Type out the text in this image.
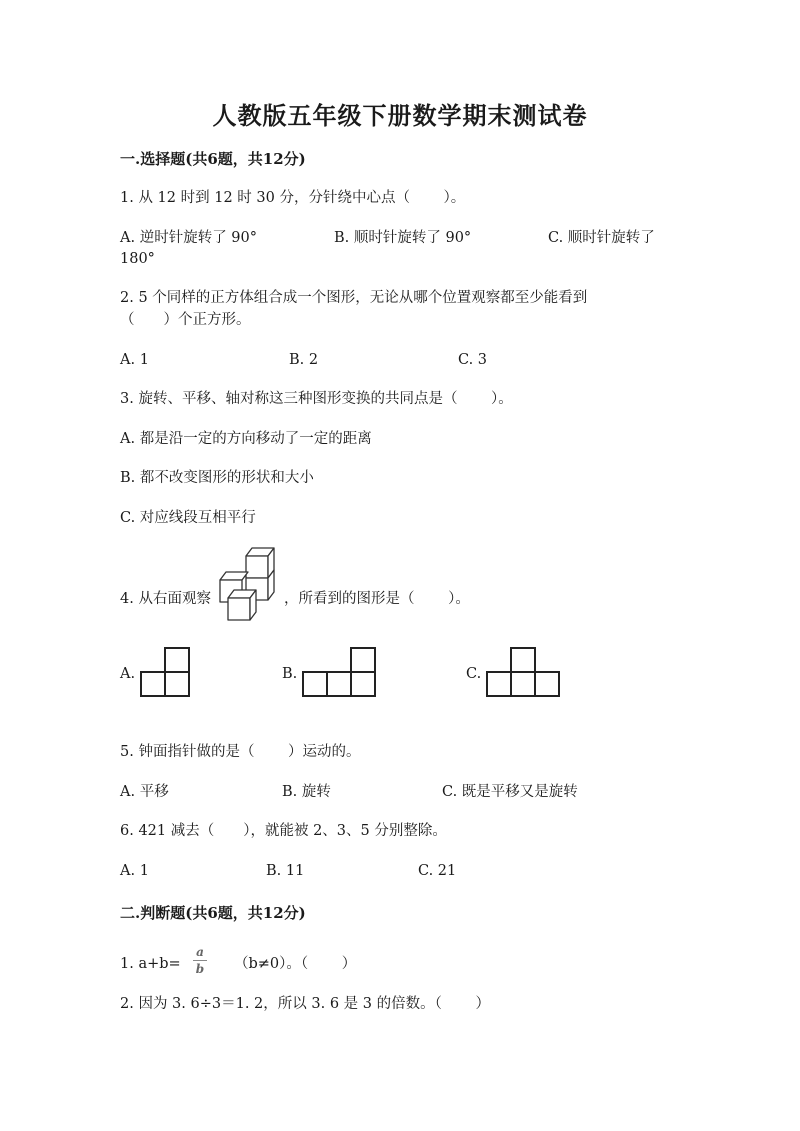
人教版五年级下册数学期末测试卷
一.选择题(共6题，共12分)
1. 从 12 时到 12 时 30 分，分针绕中心点（　　 ）。
A. 逆时针旋转了 90°	B. 顺时针旋转了 90°	C. 顺时针旋转了
180°
2. 5 个同样的正方体组合成一个图形，无论从哪个位置观察都至少能看到
（　　）个正方形。
A. 1	B. 2	C. 3
3. 旋转、平移、轴对称这三种图形变换的共同点是（　　 ）。
A. 都是沿一定的方向移动了一定的距离
B. 都不改变图形的形状和大小
C. 对应线段互相平行
4. 从右面观察	，所看到的图形是（　　 ）。
A.	B.	C.
5. 钟面指针做的是（　　 ）运动的。
A. 平移	B. 旋转	C. 既是平移又是旋转
6. 421 减去（　　），就能被 2、3、5 分别整除。
A. 1	B. 11	C. 21
二.判断题(共6题，共12分)
1. a+b=
a
b （b≠0）。（　　 ）
2. 因为 3. 6÷3＝1. 2，所以 3. 6 是 3 的倍数。（　　 ）
